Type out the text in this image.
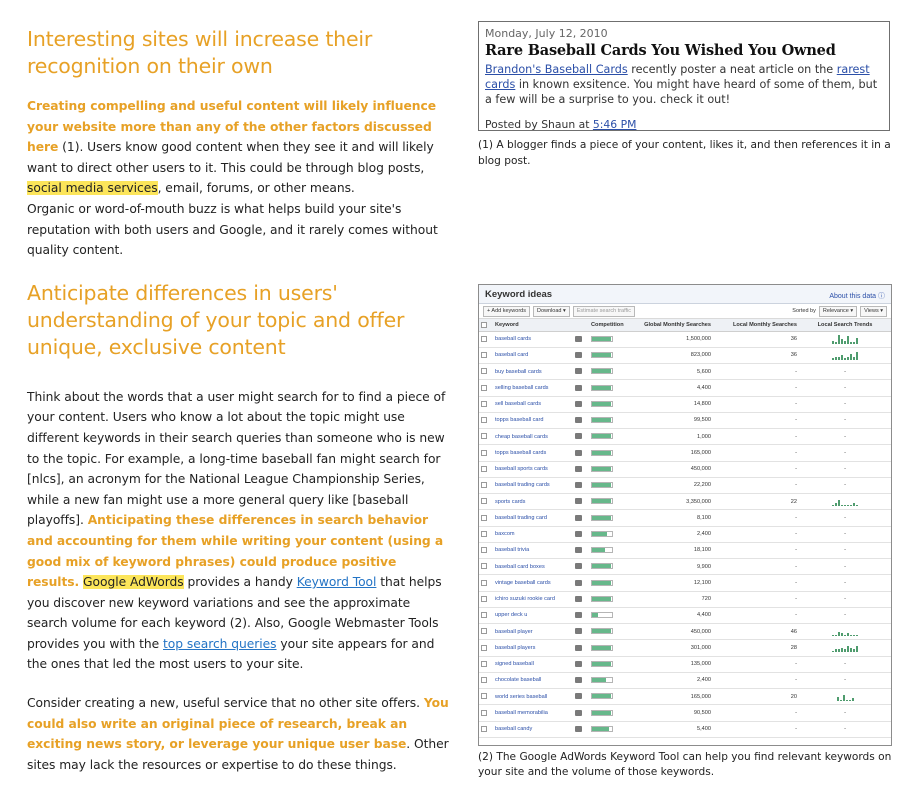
Interesting sites will increase their recognition on their own

Creating compelling and useful content will likely influence your website more than any of the other factors discussed here (1). Users know good content when they see it and will likely want to direct other users to it. This could be through blog posts, social media services, email, forums, or other means.

Organic or word-of-mouth buzz is what helps build your site's reputation with both users and Google, and it rarely comes without quality content.

Anticipate differences in users' understanding of your topic and offer unique, exclusive content

Think about the words that a user might search for to find a piece of your content. Users who know a lot about the topic might use different keywords in their search queries than someone who is new to the topic. For example, a long-time baseball fan might search for [nlcs], an acronym for the National League Championship Series, while a new fan might use a more general query like [baseball playoffs]. Anticipating these differences in search behavior and accounting for them while writing your content (using a good mix of keyword phrases) could produce positive results. Google AdWords provides a handy Keyword Tool that helps you discover new keyword variations and see the approximate search volume for each keyword (2). Also, Google Webmaster Tools provides you with the top search queries your site appears for and the ones that led the most users to your site.

Consider creating a new, useful service that no other site offers. You could also write an original piece of research, break an exciting news story, or leverage your unique user base. Other sites may lack the resources or expertise to do these things.

Monday, July 12, 2010
Rare Baseball Cards You Wished You Owned
Brandon's Baseball Cards recently poster a neat article on the rarest cards in known exsitence. You might have heard of some of them, but a few will be a surprise to you. check it out!
Posted by Shaun at 5:46 PM
(1) A blogger finds a piece of your content, likes it, and then references it in a blog post.
Keyword ideas	About this data ⓘ
+ Add keywords	Download ▾	Estimate search traffic	Sorted by	Relevance ▾	Views ▾
	Keyword		Competition	Global Monthly Searches	Local Monthly Searches	Local Search Trends
	baseball cards			1,500,000	36	

	baseball card			823,000	36	

	buy baseball cards			5,600	-	-
	selling baseball cards			4,400	-	-
	sell baseball cards			14,800	-	-
	topps baseball card			99,500	-	-
	cheap baseball cards			1,000	-	-
	topps baseball cards			165,000	-	-
	baseball sports cards			450,000	-	-
	baseball trading cards			22,200	-	-
	sports cards			3,350,000	22	

	baseball trading card			8,100	-	-
	baxcom			2,400	-	-
	baseball trivia			18,100	-	-
	baseball card boxes			9,900	-	-
	vintage baseball cards			12,100	-	-
	ichiro suzuki rookie card			720	-	-
	upper deck u			4,400	-	-
	baseball player			450,000	46	

	baseball players			301,000	28	

	signed baseball			135,000	-	-
	chocolate baseball			2,400	-	-
	world series baseball			165,000	20	

	baseball memorabilia			90,500	-	-
	baseball candy			5,400	-	-
(2) The Google AdWords Keyword Tool can help you find relevant keywords on your site and the volume of those keywords.
